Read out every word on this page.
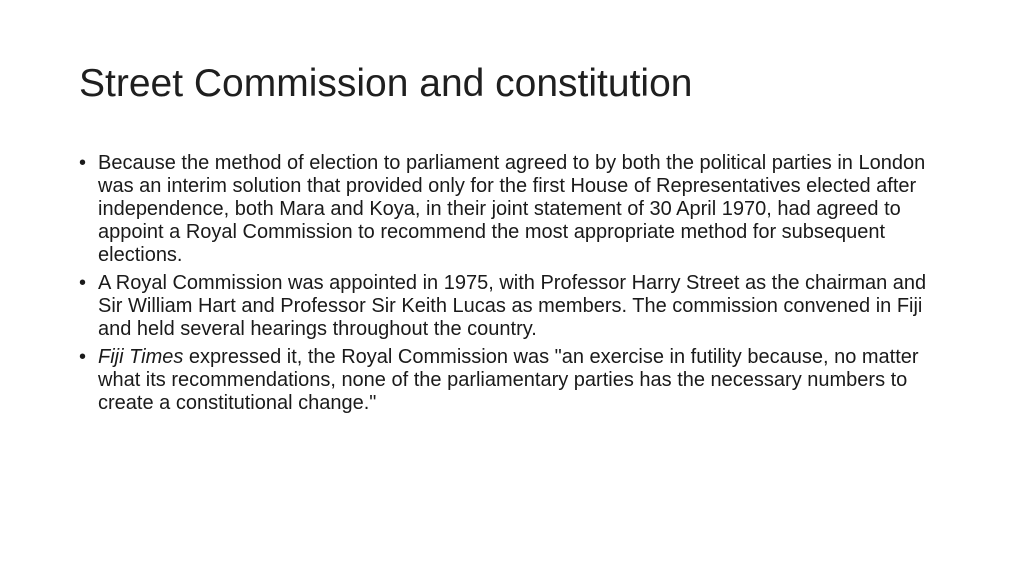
Street Commission and constitution
• Because the method of election to parliament agreed to by both the political parties in London was an interim solution that provided only for the first House of Representatives elected after independence, both Mara and Koya, in their joint statement of 30 April 1970, had agreed to appoint a Royal Commission to recommend the most appropriate method for subsequent elections.
• A Royal Commission was appointed in 1975, with Professor Harry Street as the chairman and Sir William Hart and Professor Sir Keith Lucas as members. The commission convened in Fiji and held several hearings throughout the country.
• Fiji Times expressed it, the Royal Commission was "an exercise in futility because, no matter what its recommendations, none of the parliamentary parties has the necessary numbers to create a constitutional change."
